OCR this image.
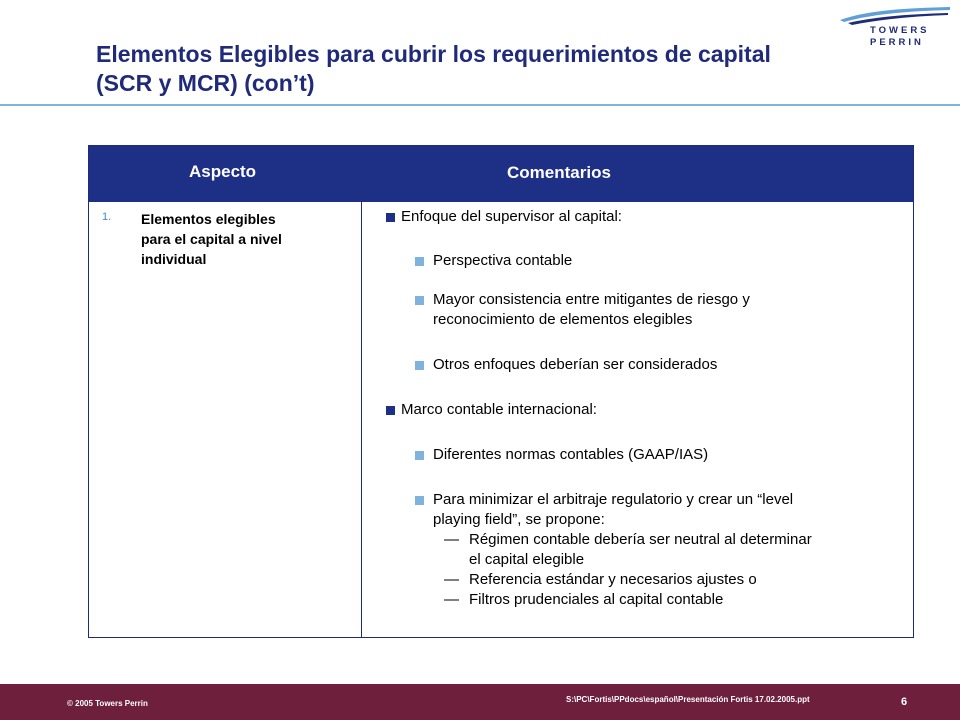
Elementos Elegibles para cubrir los requerimientos de capital
(SCR y MCR) (con’t)
TOWERS
PERRIN
Aspecto	Comentarios
1. Elementos elegibles
para el capital a nivel
individual
Enfoque del supervisor al capital:
Perspectiva contable
Mayor consistencia entre mitigantes de riesgo y
reconocimiento de elementos elegibles
Otros enfoques deberían ser considerados
Marco contable internacional:
Diferentes normas contables (GAAP/IAS)
Para minimizar el arbitraje regulatorio y crear un “level
playing field”, se propone:
— Régimen contable debería ser neutral al determinar
el capital elegible
— Referencia estándar y necesarios ajustes o
— Filtros prudenciales al capital contable
© 2005 Towers Perrin	S:\PC\Fortis\PPdocs\español\Presentación Fortis 17.02.2005.ppt	6
